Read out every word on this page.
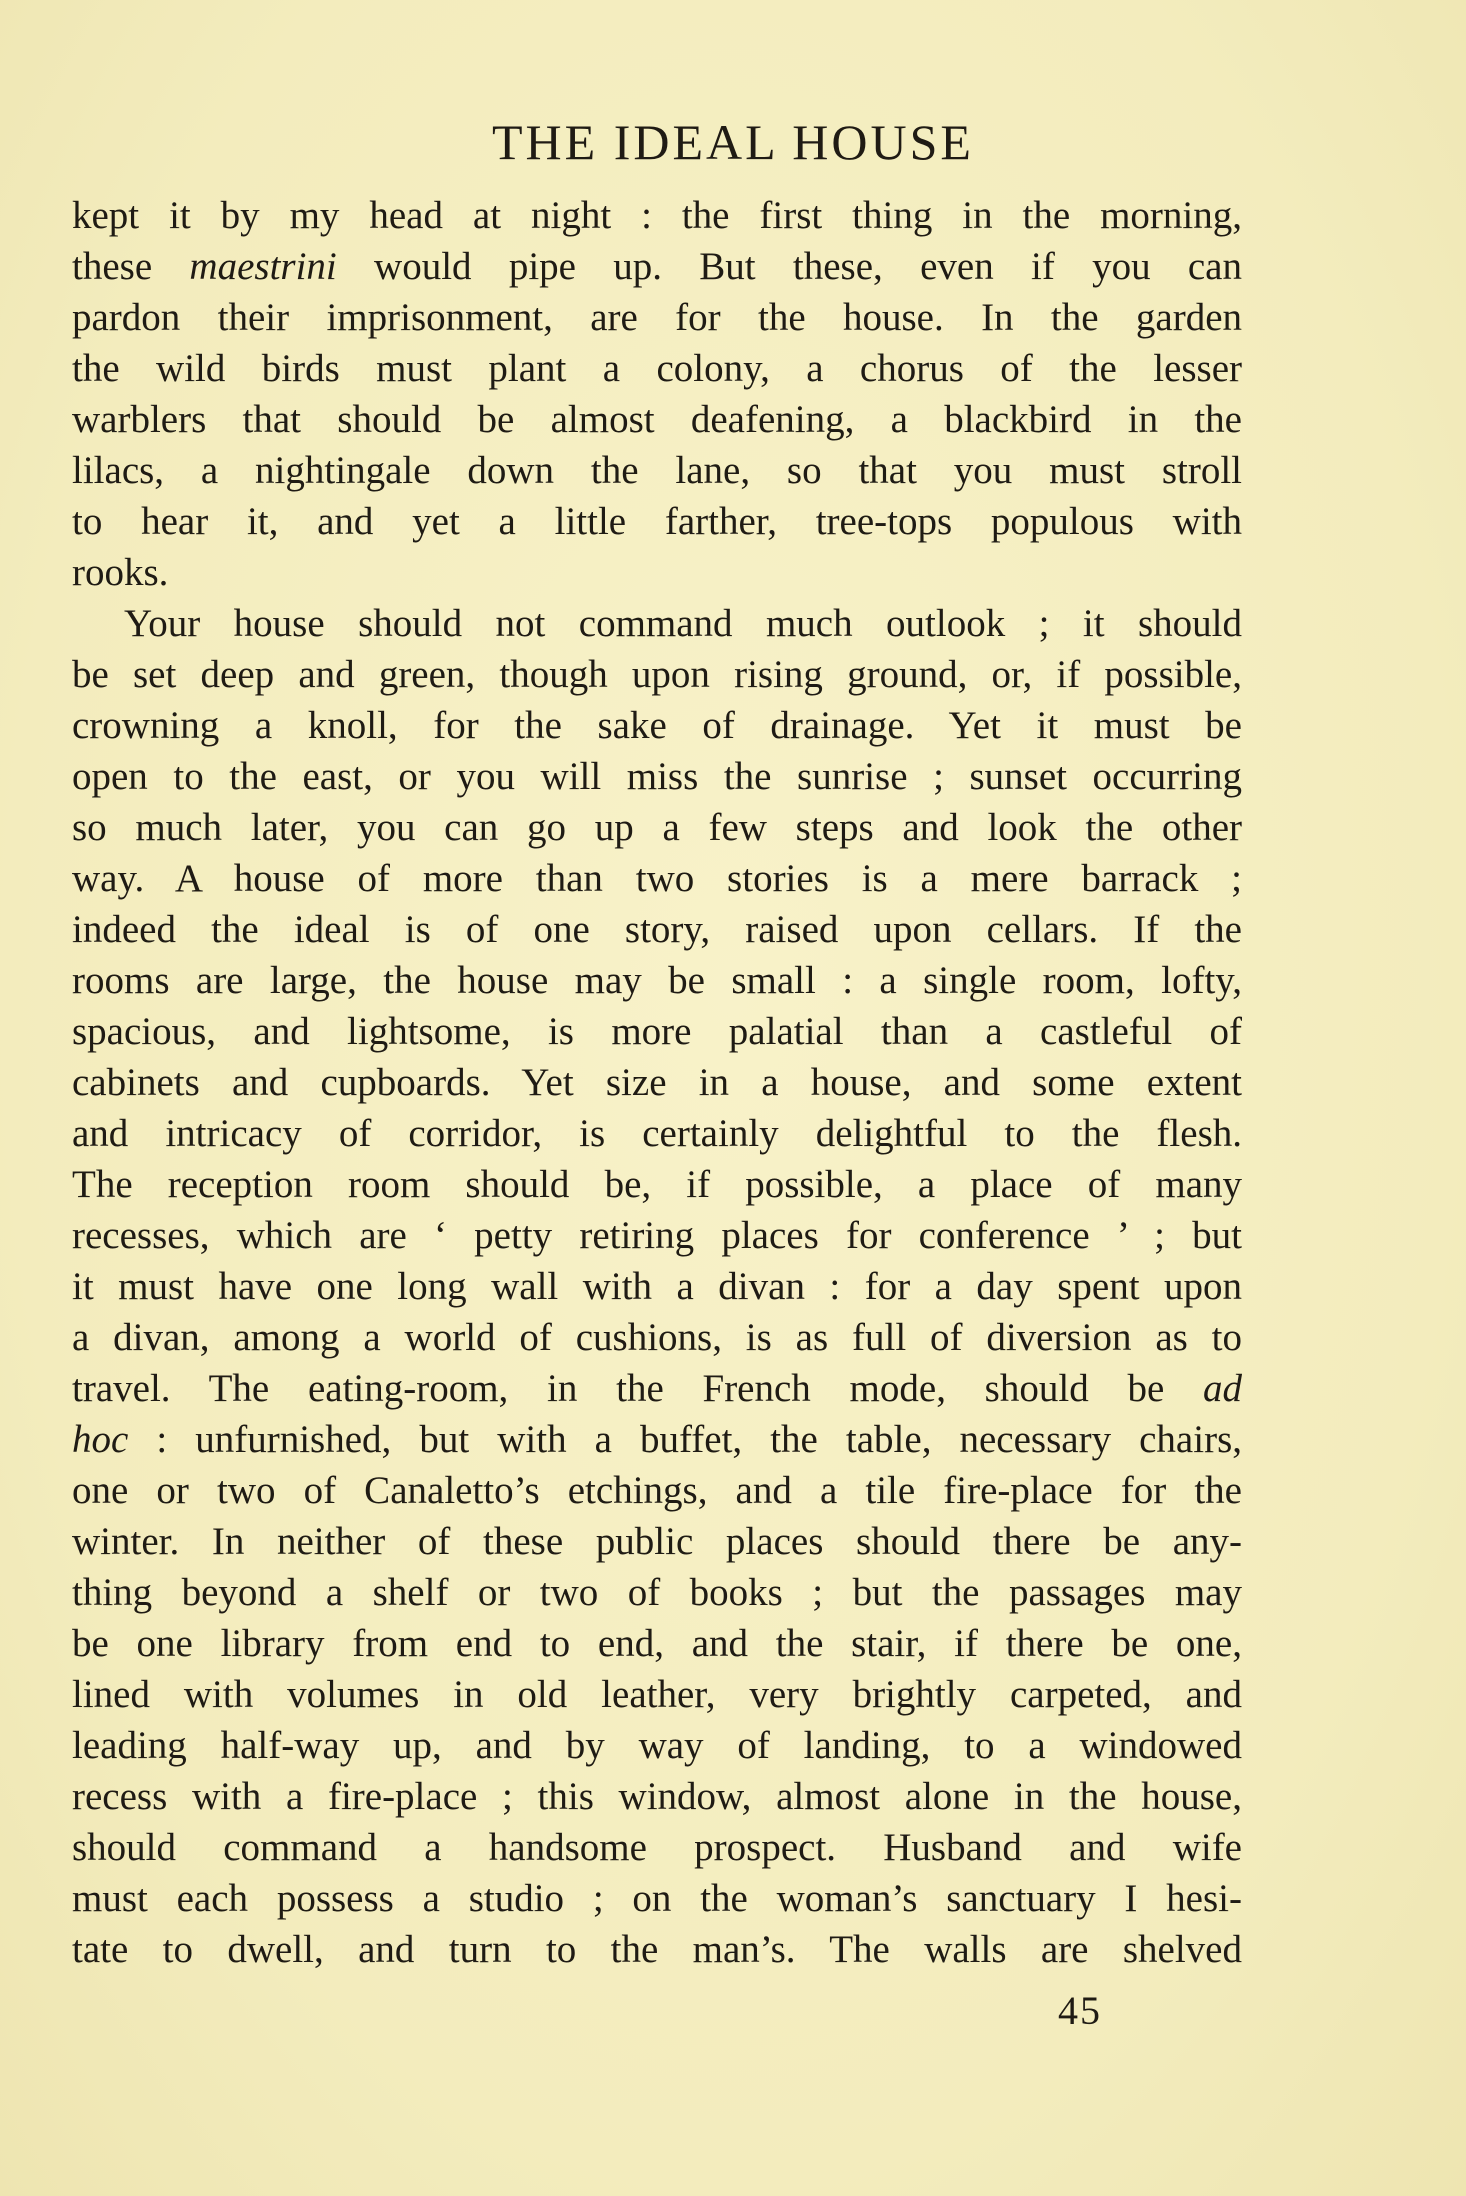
THE IDEAL HOUSE
kept it by my head at night : the first thing in the morning,
these maestrini would pipe up. But these, even if you can
pardon their imprisonment, are for the house. In the garden
the wild birds must plant a colony, a chorus of the lesser
warblers that should be almost deafening, a blackbird in the
lilacs, a nightingale down the lane, so that you must stroll
to hear it, and yet a little farther, tree-tops populous with
rooks.
Your house should not command much outlook ; it should
be set deep and green, though upon rising ground, or, if possible,
crowning a knoll, for the sake of drainage. Yet it must be
open to the east, or you will miss the sunrise ; sunset occurring
so much later, you can go up a few steps and look the other
way. A house of more than two stories is a mere barrack ;
indeed the ideal is of one story, raised upon cellars. If the
rooms are large, the house may be small : a single room, lofty,
spacious, and lightsome, is more palatial than a castleful of
cabinets and cupboards. Yet size in a house, and some extent
and intricacy of corridor, is certainly delightful to the flesh.
The reception room should be, if possible, a place of many
recesses, which are ‘ petty retiring places for conference ’ ; but
it must have one long wall with a divan : for a day spent upon
a divan, among a world of cushions, is as full of diversion as to
travel. The eating-room, in the French mode, should be ad
hoc : unfurnished, but with a buffet, the table, necessary chairs,
one or two of Canaletto’s etchings, and a tile fire-place for the
winter. In neither of these public places should there be any-
thing beyond a shelf or two of books ; but the passages may
be one library from end to end, and the stair, if there be one,
lined with volumes in old leather, very brightly carpeted, and
leading half-way up, and by way of landing, to a windowed
recess with a fire-place ; this window, almost alone in the house,
should command a handsome prospect. Husband and wife
must each possess a studio ; on the woman’s sanctuary I hesi-
tate to dwell, and turn to the man’s. The walls are shelved
45
